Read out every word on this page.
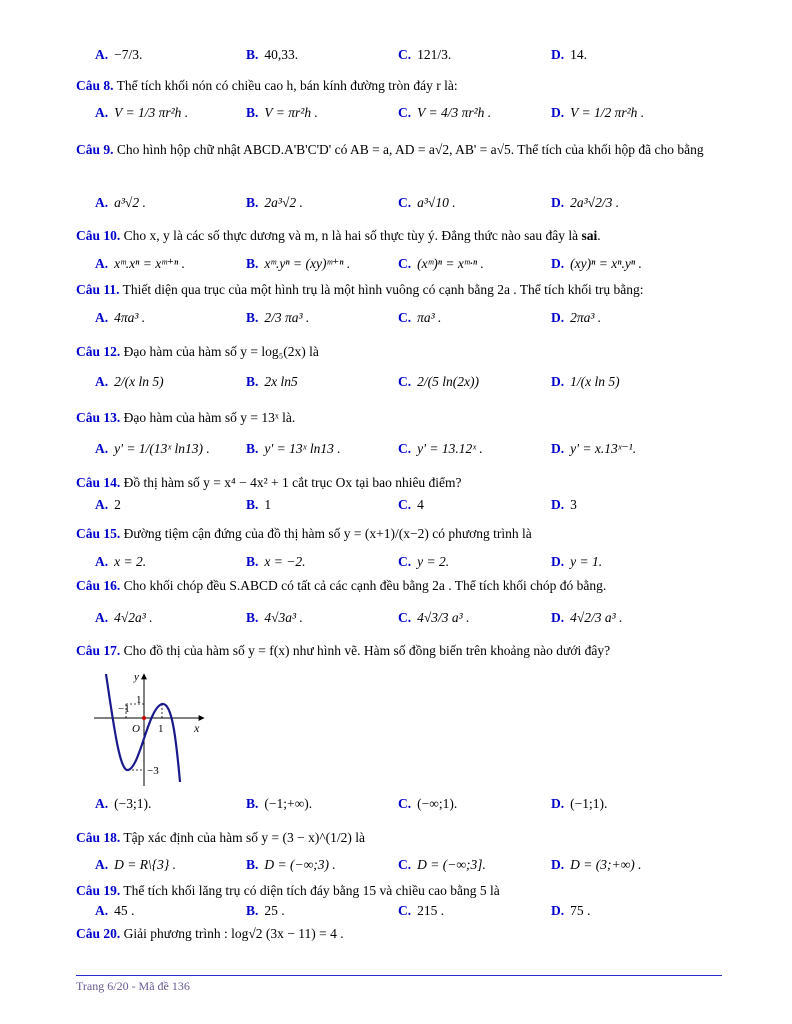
A. −7/3.	B. 40,33.	C. 121/3.	D. 14.
Câu 8. Thể tích khối nón có chiều cao h, bán kính đường tròn đáy r là:
A. V = 1/3 πr²h .	B. V = πr²h .	C. V = 4/3 πr²h .	D. V = 1/2 πr²h .
Câu 9. Cho hình hộp chữ nhật ABCD.A'B'C'D' có AB = a, AD = a√2, AB' = a√5. Thể tích của khối hộp đã cho bằng
A. a³√2 .	B. 2a³√2 .	C. a³√10 .	D. 2a³√2/3 .
Câu 10. Cho x, y là các số thực dương và m, n là hai số thực tùy ý. Đẳng thức nào sau đây là sai.
A. xᵐ.xⁿ = xᵐ⁺ⁿ .	B. xᵐ.yⁿ = (xy)ᵐ⁺ⁿ .	C. (xᵐ)ⁿ = xᵐ·ⁿ .	D. (xy)ⁿ = xⁿ.yⁿ .
Câu 11. Thiết diện qua trục của một hình trụ là một hình vuông có cạnh bằng 2a . Thể tích khối trụ bằng:
A. 4πa³ .	B. 2/3 πa³ .	C. πa³ .	D. 2πa³ .
Câu 12. Đạo hàm của hàm số y = log₅(2x) là
A. 2/(x ln 5)	B. 2x ln5	C. 2/(5 ln(2x))	D. 1/(x ln 5)
Câu 13. Đạo hàm của hàm số y = 13ˣ là.
A. y' = 1/(13ˣ ln13) .	B. y' = 13ˣ ln13 .	C. y' = 13.12ˣ .	D. y' = x.13ˣ⁻¹.
Câu 14. Đồ thị hàm số y = x⁴ − 4x² + 1 cắt trục Ox tại bao nhiêu điểm?
A. 2	B. 1	C. 4	D. 3
Câu 15. Đường tiệm cận đứng của đồ thị hàm số y = (x+1)/(x−2) có phương trình là
A. x = 2.	B. x = −2.	C. y = 2.	D. y = 1.
Câu 16. Cho khối chóp đều S.ABCD có tất cả các cạnh đều bằng 2a . Thể tích khối chóp đó bằng.
A. 4√2a³ .	B. 4√3a³ .	C. 4√3/3 a³ .	D. 4√2/3 a³ .
Câu 17. Cho đồ thị của hàm số y = f(x) như hình vẽ. Hàm số đồng biến trên khoảng nào dưới đây?
y
x
O 1
−1
1
−3
A. (−3;1).	B. (−1;+∞).	C. (−∞;1).	D. (−1;1).
Câu 18. Tập xác định của hàm số y = (3 − x)^(1/2) là
A. D = R\{3} .	B. D = (−∞;3) .	C. D = (−∞;3].	D. D = (3;+∞) .
Câu 19. Thể tích khối lăng trụ có diện tích đáy bằng 15 và chiều cao bằng 5 là
A. 45 .	B. 25 .	C. 215 .	D. 75 .
Câu 20. Giải phương trình : log√2 (3x − 11) = 4 .
Trang 6/20 - Mã đề 136
